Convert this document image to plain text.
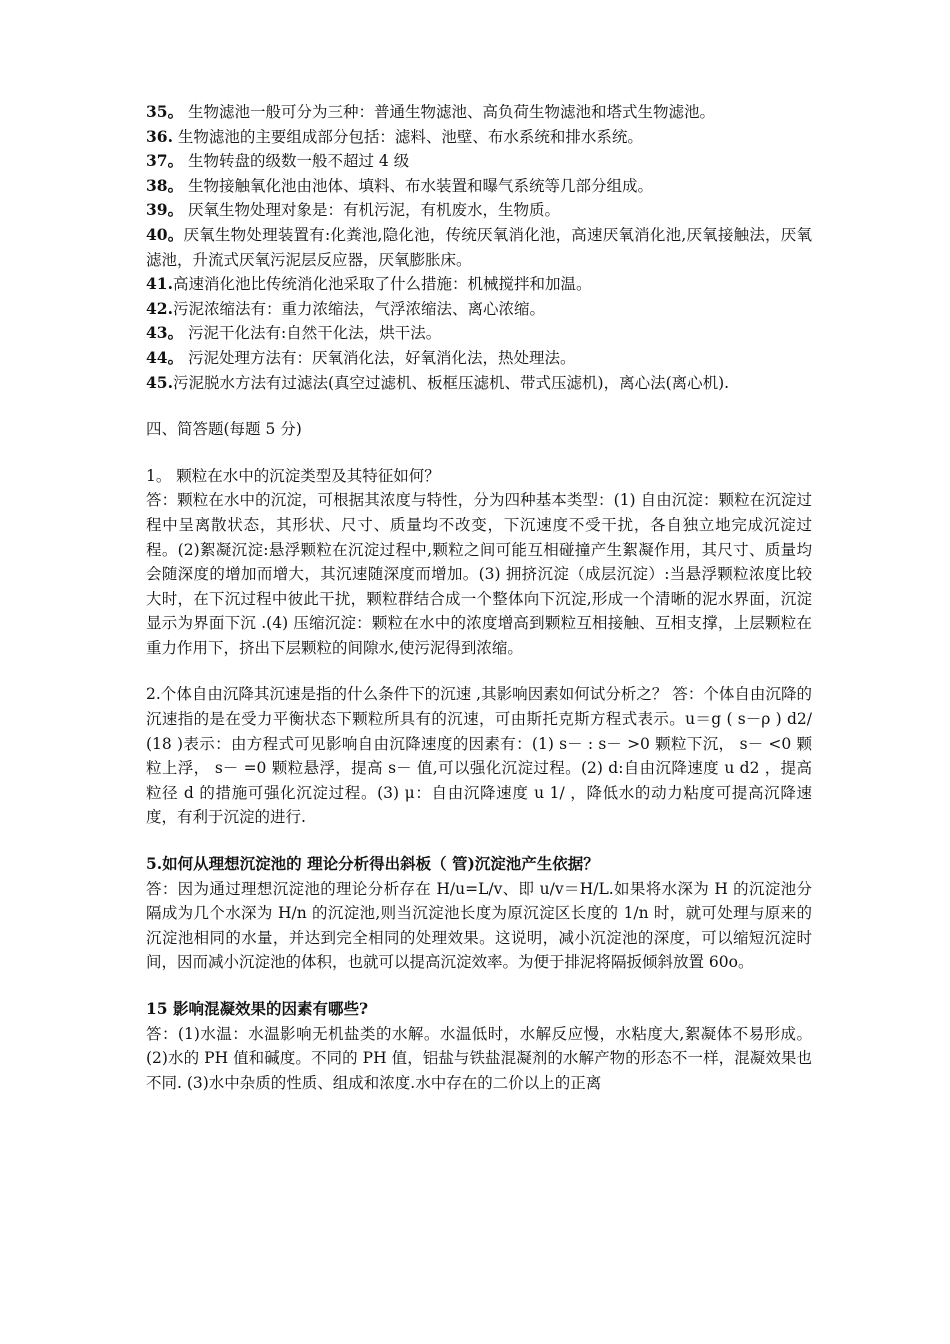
35。 生物滤池一般可分为三种：普通生物滤池、高负荷生物滤池和塔式生物滤池。
36. 生物滤池的主要组成部分包括：滤料、池壁、布水系统和排水系统。
37。 生物转盘的级数一般不超过 4 级
38。 生物接触氧化池由池体、填料、布水装置和曝气系统等几部分组成。
39。 厌氧生物处理对象是：有机污泥，有机废水，生物质。
40。厌氧生物处理装置有:化粪池,隐化池，传统厌氧消化池，高速厌氧消化池,厌氧接触法，厌氧滤池，升流式厌氧污泥层反应器，厌氧膨胀床。
41.高速消化池比传统消化池采取了什么措施：机械搅拌和加温。
42.污泥浓缩法有：重力浓缩法，气浮浓缩法、离心浓缩。
43。 污泥干化法有:自然干化法，烘干法。
44。 污泥处理方法有：厌氧消化法，好氧消化法，热处理法。
45.污泥脱水方法有过滤法(真空过滤机、板框压滤机、带式压滤机)，离心法(离心机).
四、简答题(每题 5 分)
1。 颗粒在水中的沉淀类型及其特征如何？
答：颗粒在水中的沉淀，可根据其浓度与特性，分为四种基本类型：(1) 自由沉淀：颗粒在沉淀过程中呈离散状态，其形状、尺寸、质量均不改变，下沉速度不受干扰，各自独立地完成沉淀过程。(2)絮凝沉淀:悬浮颗粒在沉淀过程中,颗粒之间可能互相碰撞产生絮凝作用，其尺寸、质量均会随深度的增加而增大，其沉速随深度而增加。(3) 拥挤沉淀（成层沉淀）:当悬浮颗粒浓度比较大时，在下沉过程中彼此干扰，颗粒群结合成一个整体向下沉淀,形成一个清晰的泥水界面，沉淀显示为界面下沉 .(4) 压缩沉淀：颗粒在水中的浓度增高到颗粒互相接触、互相支撑，上层颗粒在重力作用下，挤出下层颗粒的间隙水,使污泥得到浓缩。
2.个体自由沉降其沉速是指的什么条件下的沉速 ,其影响因素如何试分析之？ 答：个体自由沉降的沉速指的是在受力平衡状态下颗粒所具有的沉速，可由斯托克斯方程式表示。u＝g ( s－ρ ) d2/ (18 )表示：由方程式可见影响自由沉降速度的因素有：(1) s－ : s－ >0 颗粒下沉， s－ <0 颗粒上浮， s－ =0 颗粒悬浮，提高 s－ 值,可以强化沉淀过程。(2) d:自由沉降速度 u d2 ，提高粒径 d 的措施可强化沉淀过程。(3) μ：自由沉降速度 u 1/ ，降低水的动力粘度可提高沉降速度，有利于沉淀的进行.
5.如何从理想沉淀池的 理论分析得出斜板（ 管)沉淀池产生依据？
答：因为通过理想沉淀池的理论分析存在 H/u=L/v、即 u/v＝H/L.如果将水深为 H 的沉淀池分隔成为几个水深为 H/n 的沉淀池,则当沉淀池长度为原沉淀区长度的 1/n 时，就可处理与原来的沉淀池相同的水量，并达到完全相同的处理效果。这说明，减小沉淀池的深度，可以缩短沉淀时间，因而减小沉淀池的体积，也就可以提高沉淀效率。为便于排泥将隔扳倾斜放置 60o。
15 影响混凝效果的因素有哪些?
答：(1)水温：水温影响无机盐类的水解。水温低时，水解反应慢，水粘度大,絮凝体不易形成。(2)水的 PH 值和碱度。不同的 PH 值，铝盐与铁盐混凝剂的水解产物的形态不一样，混凝效果也不同. (3)水中杂质的性质、组成和浓度.水中存在的二价以上的正离
